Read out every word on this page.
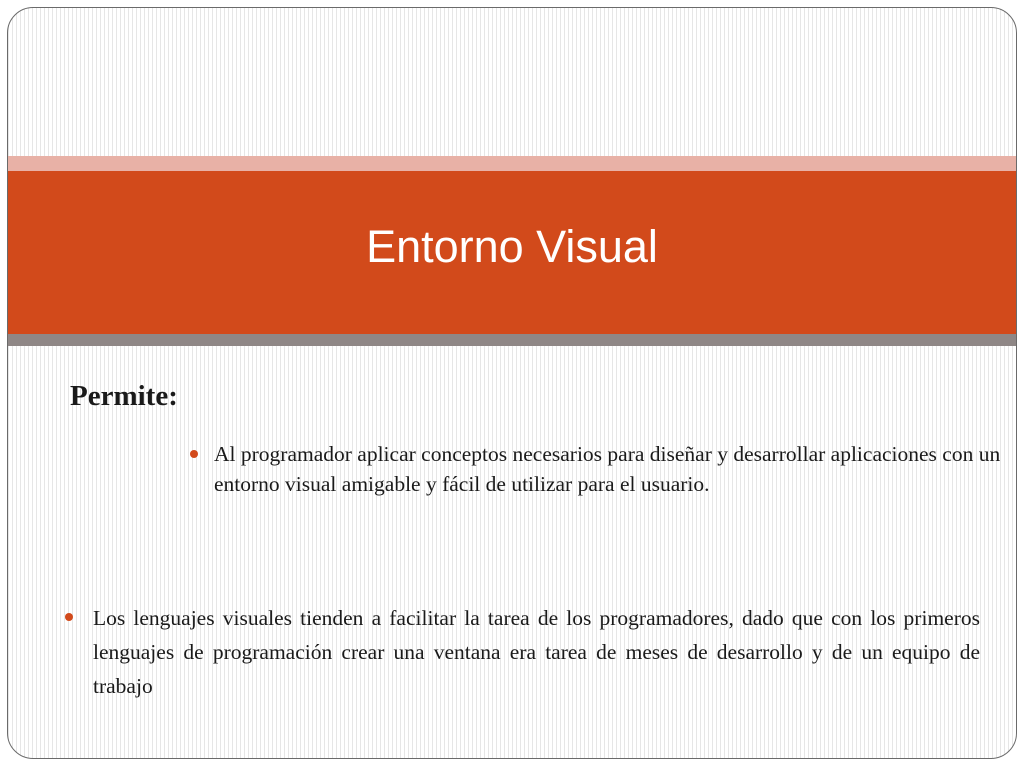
Entorno Visual
Permite:
Al programador aplicar conceptos necesarios para diseñar y desarrollar aplicaciones con un entorno visual amigable y fácil de utilizar para el usuario.
Los lenguajes visuales tienden a facilitar la tarea de los programadores, dado que con los primeros lenguajes de programación crear una ventana era tarea de meses de desarrollo y de un equipo de trabajo
